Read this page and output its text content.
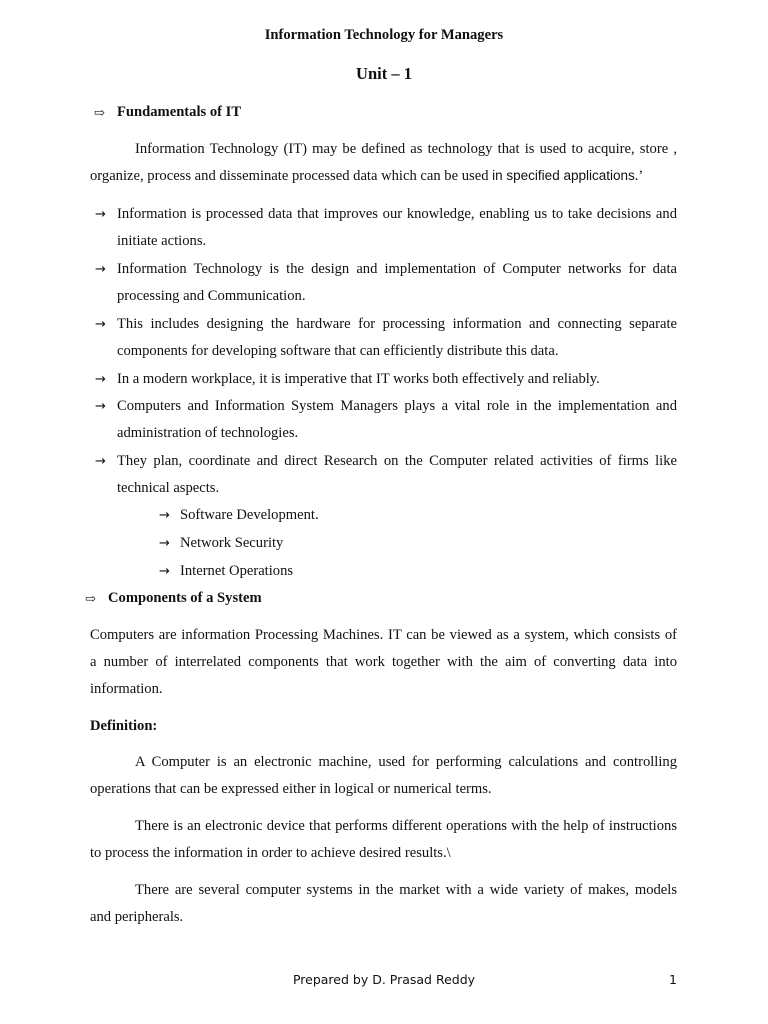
Information Technology for Managers
Unit – 1
⇨ Fundamentals of IT
Information Technology (IT) may be defined as technology that is used to acquire, store ,
organize, process and disseminate processed data which can be used in specified applications.’
→ Information is processed data that improves our knowledge, enabling us to take decisions and
initiate actions.
→ Information Technology is the design and implementation of Computer networks for data
processing and Communication.
→ This includes designing the hardware for processing information and connecting separate
components for developing software that can efficiently distribute this data.
→ In a modern workplace, it is imperative that IT works both effectively and reliably.
→ Computers and Information System Managers plays a vital role in the implementation and
administration of technologies.
→ They plan, coordinate and direct Research on the Computer related activities of firms like
technical aspects.
→ Software Development.
→ Network Security
→ Internet Operations
⇨ Components of a System
Computers are information Processing Machines. IT can be viewed as a system, which consists of
a number of interrelated components that work together with the aim of converting data into
information.
Definition:
A Computer is an electronic machine, used for performing calculations and controlling
operations that can be expressed either in logical or numerical terms.
There is an electronic device that performs different operations with the help of instructions
to process the information in order to achieve desired results.\
There are several computer systems in the market with a wide variety of makes, models
and peripherals.
Prepared by D. Prasad Reddy	1
